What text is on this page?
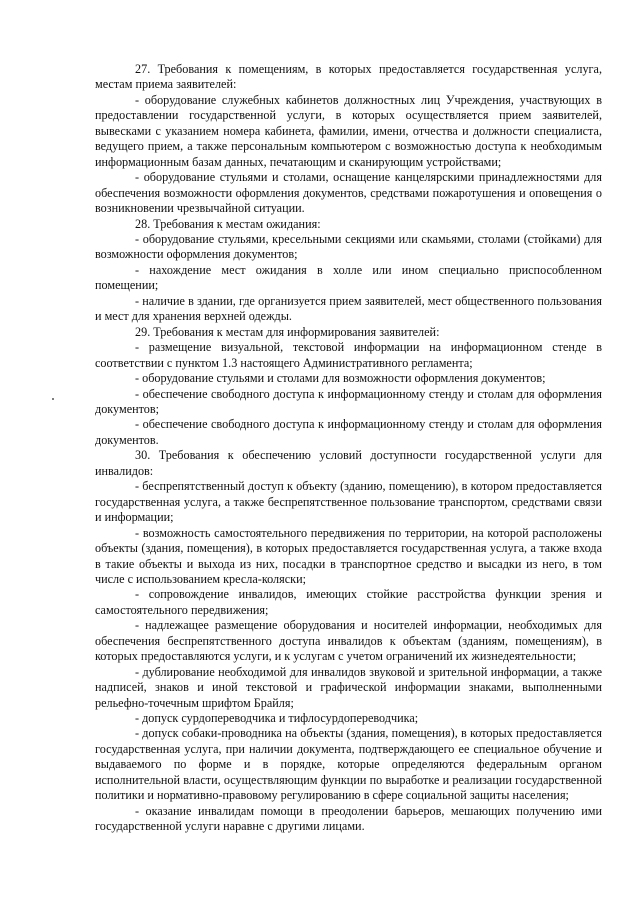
27. Требования к помещениям, в которых предоставляется государственная услуга, местам приема заявителей:

- оборудование служебных кабинетов должностных лиц Учреждения, участвующих в предоставлении государственной услуги, в которых осуществляется прием заявителей, вывесками с указанием номера кабинета, фамилии, имени, отчества и должности специалиста, ведущего прием, а также персональным компьютером с возможностью доступа к необходимым информационным базам данных, печатающим и сканирующим устройствами;

- оборудование стульями и столами, оснащение канцелярскими принадлежностями для обеспечения возможности оформления документов, средствами пожаротушения и оповещения о возникновении чрезвычайной ситуации.

28. Требования к местам ожидания:

- оборудование стульями, кресельными секциями или скамьями, столами (стойками) для возможности оформления документов;

- нахождение мест ожидания в холле или ином специально приспособленном помещении;

- наличие в здании, где организуется прием заявителей, мест общественного пользования и мест для хранения верхней одежды.

29. Требования к местам для информирования заявителей:

- размещение визуальной, текстовой информации на информационном стенде в соответствии с пунктом 1.3 настоящего Административного регламента;

- оборудование стульями и столами для возможности оформления документов;

- обеспечение свободного доступа к информационному стенду и столам для оформления документов;

- обеспечение свободного доступа к информационному стенду и столам для оформления документов.

30. Требования к обеспечению условий доступности государственной услуги для инвалидов:

- беспрепятственный доступ к объекту (зданию, помещению), в котором предоставляется государственная услуга, а также беспрепятственное пользование транспортом, средствами связи и информации;

- возможность самостоятельного передвижения по территории, на которой расположены объекты (здания, помещения), в которых предоставляется государственная услуга, а также входа в такие объекты и выхода из них, посадки в транспортное средство и высадки из него, в том числе с использованием кресла-коляски;

- сопровождение инвалидов, имеющих стойкие расстройства функции зрения и самостоятельного передвижения;

- надлежащее размещение оборудования и носителей информации, необходимых для обеспечения беспрепятственного доступа инвалидов к объектам (зданиям, помещениям), в которых предоставляются услуги, и к услугам с учетом ограничений их жизнедеятельности;

- дублирование необходимой для инвалидов звуковой и зрительной информации, а также надписей, знаков и иной текстовой и графической информации знаками, выполненными рельефно-точечным шрифтом Брайля;

- допуск сурдопереводчика и тифлосурдопереводчика;

- допуск собаки-проводника на объекты (здания, помещения), в которых предоставляется государственная услуга, при наличии документа, подтверждающего ее специальное обучение и выдаваемого по форме и в порядке, которые определяются федеральным органом исполнительной власти, осуществляющим функции по выработке и реализации государственной политики и нормативно-правовому регулированию в сфере социальной защиты населения;

- оказание инвалидам помощи в преодолении барьеров, мешающих получению ими государственной услуги наравне с другими лицами.
